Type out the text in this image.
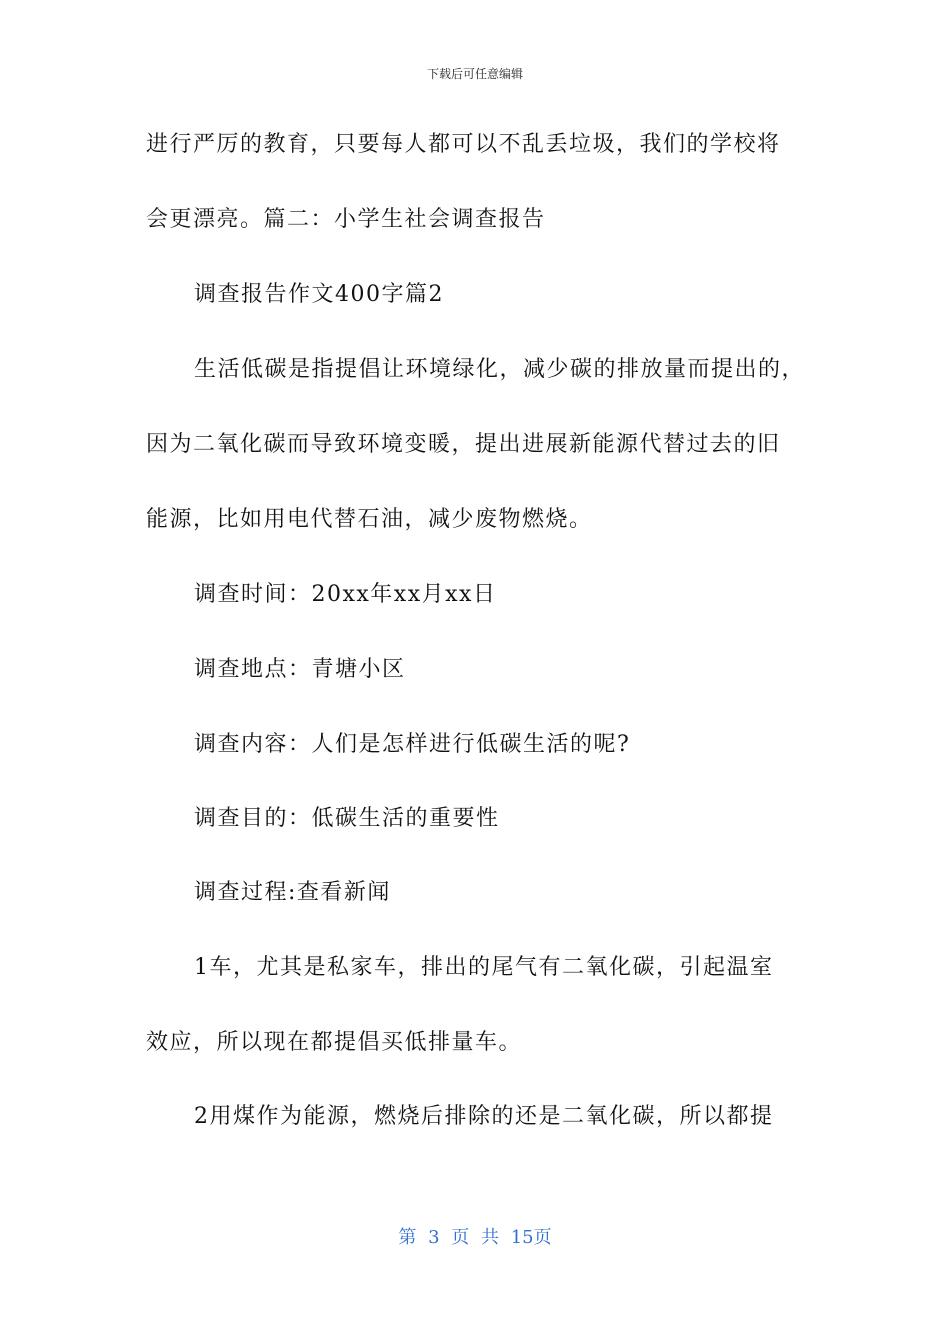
下载后可任意编辑
进行严厉的教育，只要每人都可以不乱丢垃圾，我们的学校将
会更漂亮。篇二：小学生社会调查报告
调查报告作文400字篇2
生活低碳是指提倡让环境绿化，减少碳的排放量而提出的，
因为二氧化碳而导致环境变暖，提出进展新能源代替过去的旧
能源，比如用电代替石油，减少废物燃烧。
调查时间：20xx年xx月xx日
调查地点：青塘小区
调查内容：人们是怎样进行低碳生活的呢?
调查目的：低碳生活的重要性
调查过程:查看新闻
1车，尤其是私家车，排出的尾气有二氧化碳，引起温室
效应，所以现在都提倡买低排量车。
2用煤作为能源，燃烧后排除的还是二氧化碳，所以都提
第 3 页 共 15页
